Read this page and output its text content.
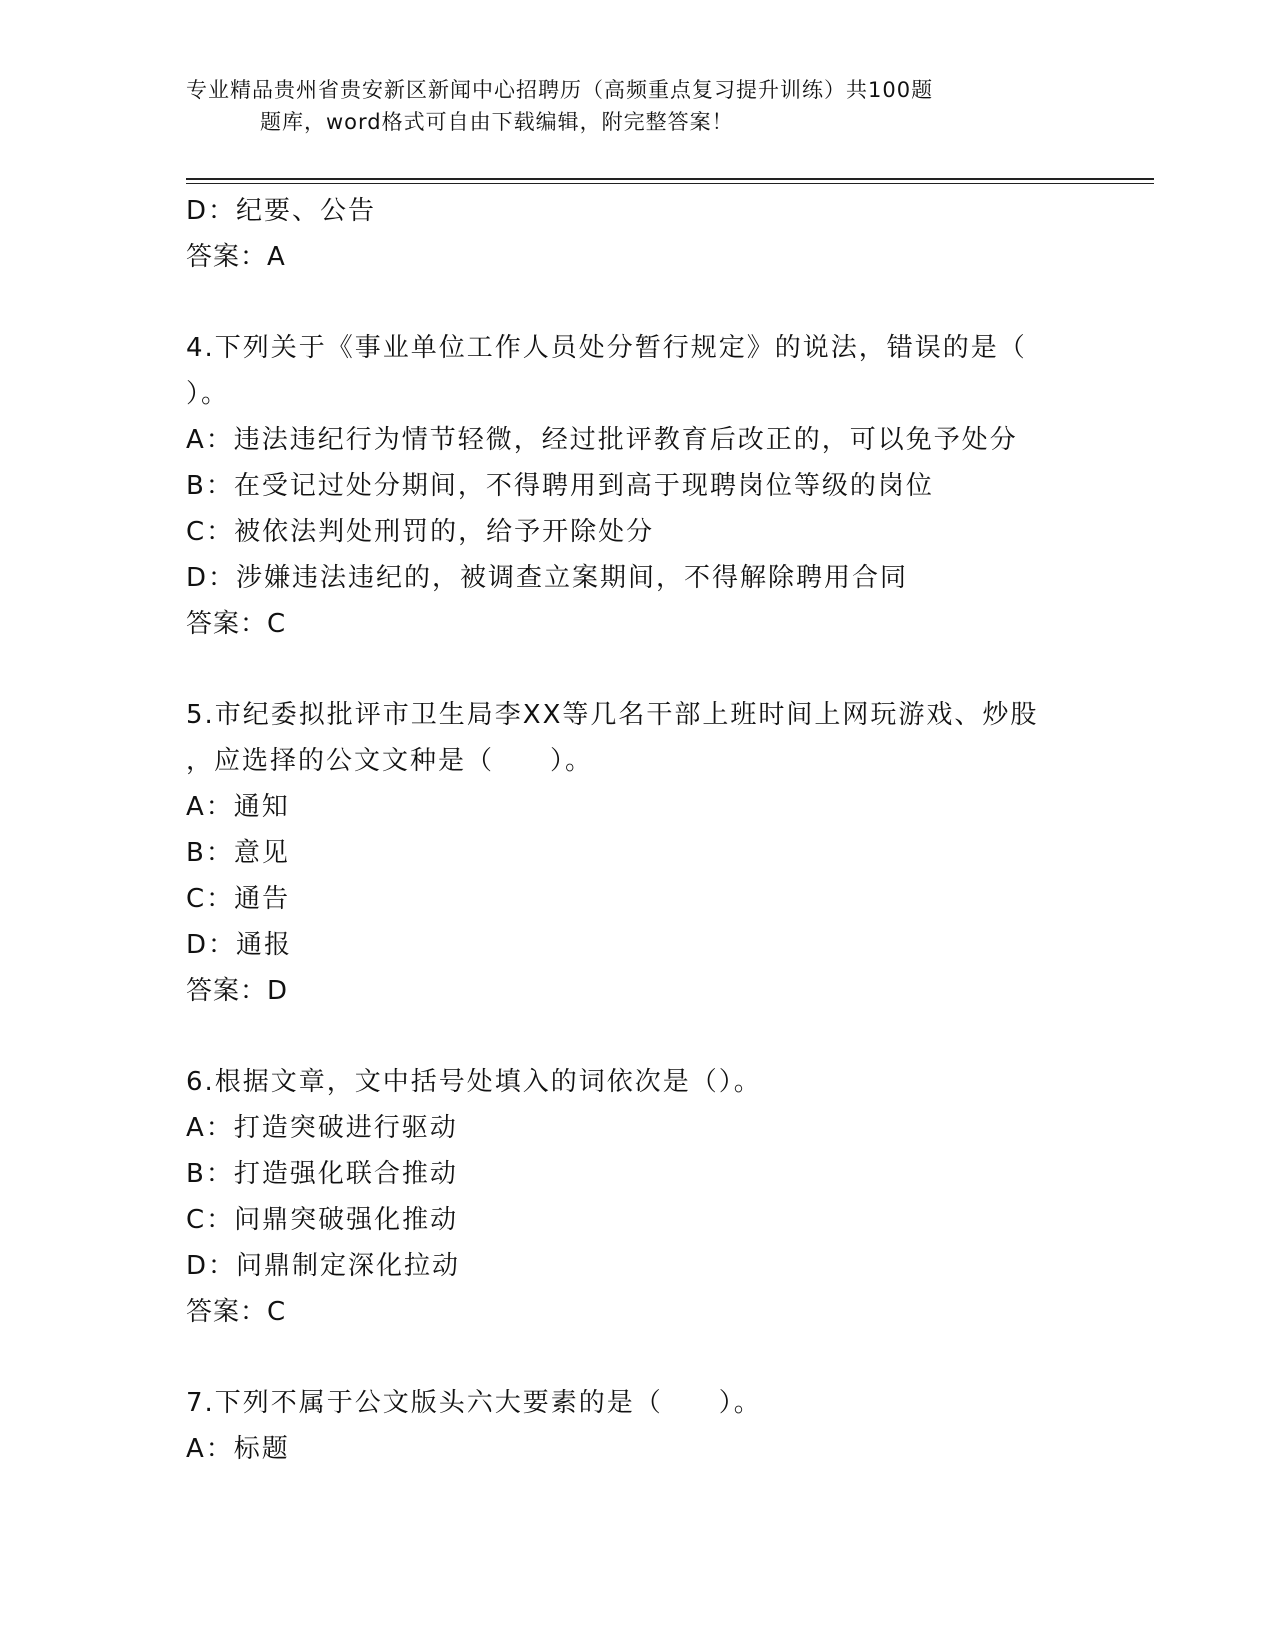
专业精品贵州省贵安新区新闻中心招聘历（高频重点复习提升训练）共100题
题库，word格式可自由下载编辑，附完整答案！
D：纪要、公告
答案：A
4.下列关于《事业单位工作人员处分暂行规定》的说法，错误的是（
）。
A：违法违纪行为情节轻微，经过批评教育后改正的，可以免予处分
B：在受记过处分期间，不得聘用到高于现聘岗位等级的岗位
C：被依法判处刑罚的，给予开除处分
D：涉嫌违法违纪的，被调查立案期间，不得解除聘用合同
答案：C
5.市纪委拟批评市卫生局李XX等几名干部上班时间上网玩游戏、炒股
，应选择的公文文种是（　　）。
A：通知
B：意见
C：通告
D：通报
答案：D
6.根据文章，文中括号处填入的词依次是（）。
A：打造突破进行驱动
B：打造强化联合推动
C：问鼎突破强化推动
D：问鼎制定深化拉动
答案：C
7.下列不属于公文版头六大要素的是（　　）。
A：标题
